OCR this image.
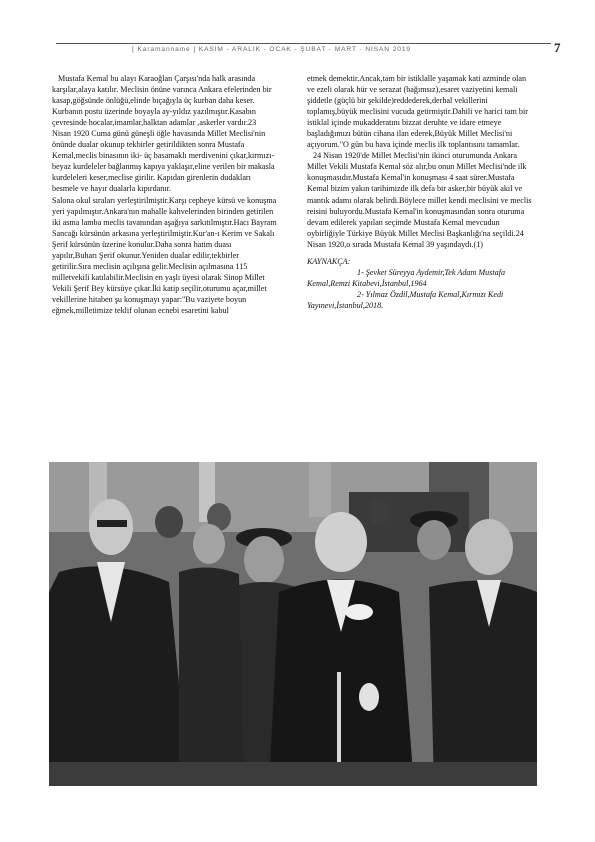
[ Karamanname ] KASIM - ARALIK - OCAK - ŞUBAT - MART - NİSAN 2019	7

Mustafa Kemal bu alayı Karaoğlan Çarşısı'nda halk arasında karşılar,alaya katılır. Meclisin önüne varınca Ankara efelerinden bir kasap,göğsünde önlüğü,elinde bıçağıyla üç kurban daha keser. Kurbanın postu üzerinde boyayla ay-yıldız yazılmıştır.Kasabın çevresinde hocalar,imamlar,halktan adamlar ,askerler vardır.23 Nisan 1920 Cuma günü güneşli öğle havasında Millet Meclisi'nin önünde dualar okunup tekbirler getirildikten sonra Mustafa Kemal,meclis binasının iki- üç basamaklı merdivenini çıkar,kırmızı-beyaz kurdeleler bağlanmış kapıya yaklaşır,eline verilen bir makasla kurdeleleri keser,meclise girilir. Kapıdan girenlerin dudakları besmele ve hayır dualarla kıpırdanır.

Salona okul sıraları yerleştirilmiştir.Karşı cepheye kürsü ve konuşma yeri yapılmıştır.Ankara'nın mahalle kahvelerinden birinden getirilen iki asma lamba meclis tavanından aşağıya sarkıtılmıştır.Hacı Bayram Sancağı kürsünün arkasına yerleştirilmiştir.Kur'an-ı Kerim ve Sakalı Şerif kürsünün üzerine konulur.Daha sonra hatim duası yapılır,Buharı Şerif okunur.Yeniden dualar edilir,tekbirler getirilir.Sıra meclisin açılışına gelir.Meclisin açılmasına 115 milletvekili katılabilir.Meclisin en yaşlı üyesi olarak Sinop Millet Vekili Şerif Bey kürsüye çıkar.İki katip seçilir,oturumu açar,millet vekillerine hitaben şu konuşmayı yapar:"Bu vaziyete boyun eğmek,milletimize teklif olunan ecnebi esaretini kabul

etmek demektir.Ancak,tam bir istiklalle yaşamak kati azminde olan ve ezeli olarak hür ve serazat (bağımsız),esaret vaziyetini kemali şiddetle (güçlü bir şekilde)reddederek,derhal vekillerini toplamış,büyük meclisini vucuda getirmiştir.Dahili ve harici tam bir istiklal içinde mukadderatını bizzat deruhte ve idare etmeye başladığımızı bütün cihana ilan ederek,Büyük Millet Meclisi'ni açıyorum."O gün bu hava içinde meclis ilk toplantısını tamamlar.

24 Nisan 1920'de Millet Meclisi'nin ikinci oturumunda Ankara Millet Vekili Mustafa Kemal söz alır,bu onun Millet Meclisi'nde ilk konuşmasıdır.Mustafa Kemal'in konuşması 4 saat sürer.Mustafa Kemal bizim yakın tarihimizde ilk defa bir asker,bir büyük akıl ve mantık adamı olarak belirdi.Böylece millet kendi meclisini ve meclis reisini buluyordu.Mustafa Kemal'in konuşmasından sonra oturuma devam edilerek yapılan seçimde Mustafa Kemal mevcudun oybirliğiyle Türkiye Büyük Millet Meclisi Başkanlığı'na seçildi.24 Nisan 1920,o sırada Mustafa Kemal 39 yaşındaydı.(1)

KAYNAKÇA:

1- Şevket Süreyya Aydemir,Tek Adam Mustafa Kemal,Remzi Kitabevi,İstanbul,1964

2- Yılmaz Özdil,Mustafa Kemal,Kırmızı Kedi Yayınevi,İstanbul,2018.
